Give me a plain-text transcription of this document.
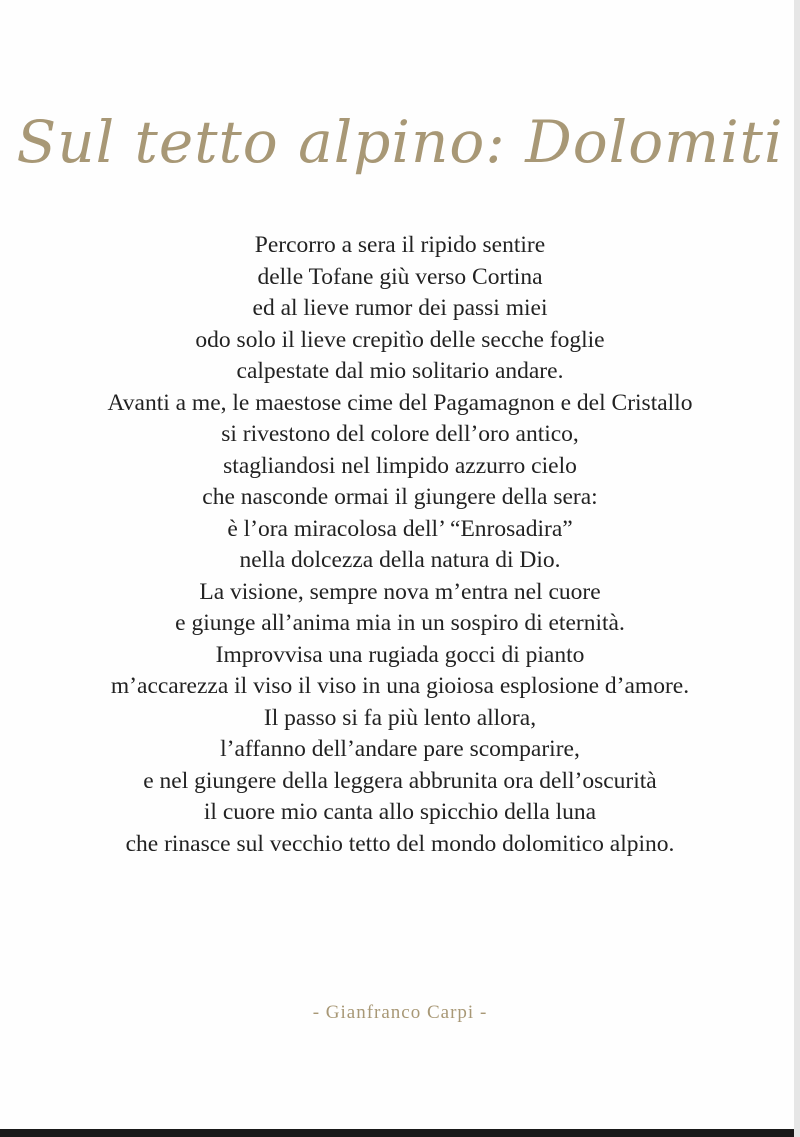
Sul tetto alpino: Dolomiti
Percorro a sera il ripido sentire
delle Tofane giù verso Cortina
ed al lieve rumor dei passi miei
odo solo il lieve crepitìo delle secche foglie
calpestate dal mio solitario andare.
Avanti a me, le maestose cime del Pagamagnon e del Cristallo
si rivestono del colore dell’oro antico,
stagliandosi nel limpido azzurro cielo
che nasconde ormai il giungere della sera:
è l’ora miracolosa dell’ “Enrosadira”
nella dolcezza della natura di Dio.
La visione, sempre nova m’entra nel cuore
e giunge all’anima mia in un sospiro di eternità.
Improvvisa una rugiada gocci di pianto
m’accarezza il viso il viso in una gioiosa esplosione d’amore.
Il passo si fa più lento allora,
l’affanno dell’andare pare scomparire,
e nel giungere della leggera abbrunita ora dell’oscurità
il cuore mio canta allo spicchio della luna
che rinasce sul vecchio tetto del mondo dolomitico alpino.

- Gianfranco Carpi -
